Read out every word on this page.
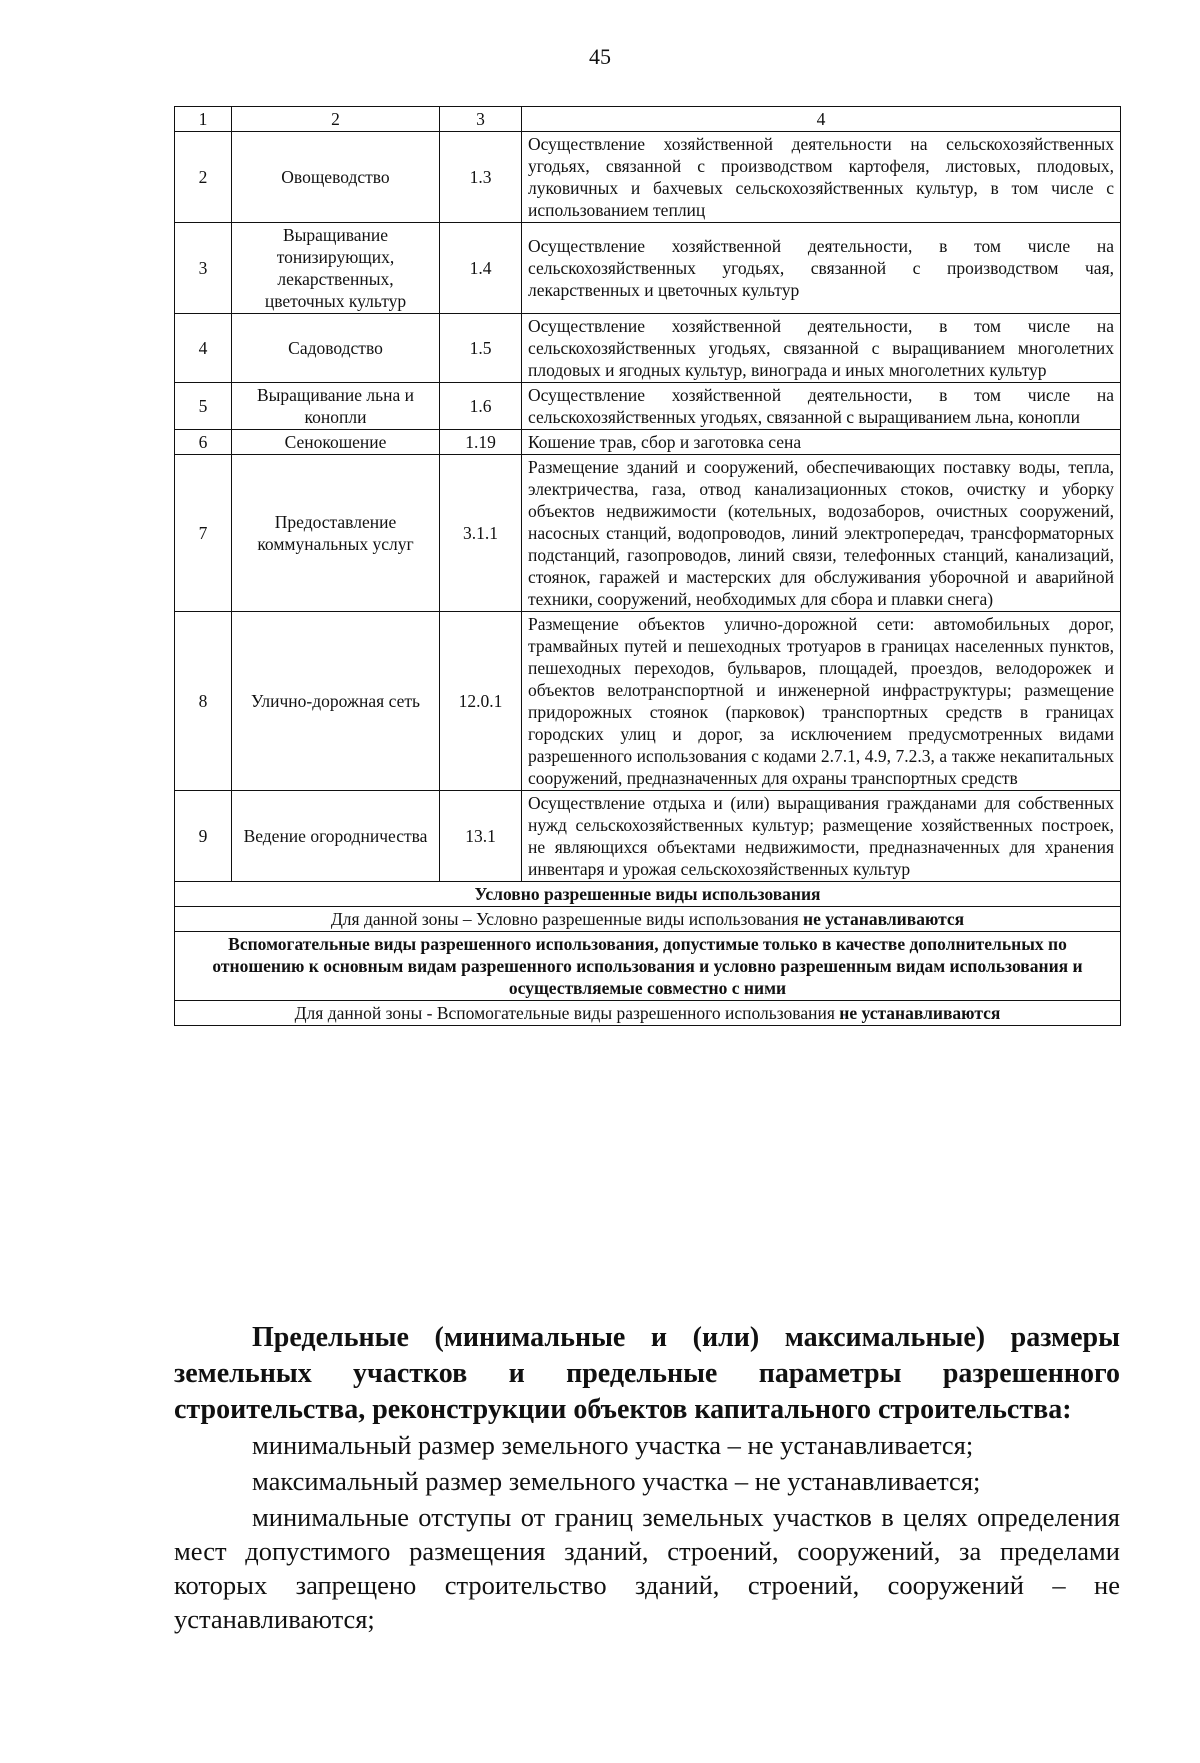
45
1	2	3	4
2	Овощеводство	1.3	Осуществление хозяйственной деятельности на сельскохозяйственных угодьях, связанной с производством картофеля, листовых, плодовых, луковичных и бахчевых сельскохозяйственных культур, в том числе с использованием теплиц
3	Выращивание тонизирующих, лекарственных, цветочных культур	1.4	Осуществление хозяйственной деятельности, в том числе на сельскохозяйственных угодьях, связанной с производством чая, лекарственных и цветочных культур
4	Садоводство	1.5	Осуществление хозяйственной деятельности, в том числе на сельскохозяйственных угодьях, связанной с выращиванием многолетних плодовых и ягодных культур, винограда и иных многолетних культур
5	Выращивание льна и конопли	1.6	Осуществление хозяйственной деятельности, в том числе на сельскохозяйственных угодьях, связанной с выращиванием льна, конопли
6	Сенокошение	1.19	Кошение трав, сбор и заготовка сена
7	Предоставление коммунальных услуг	3.1.1	Размещение зданий и сооружений, обеспечивающих поставку воды, тепла, электричества, газа, отвод канализационных стоков, очистку и уборку объектов недвижимости (котельных, водозаборов, очистных сооружений, насосных станций, водопроводов, линий электропередач, трансформаторных подстанций, газопроводов, линий связи, телефонных станций, канализаций, стоянок, гаражей и мастерских для обслуживания уборочной и аварийной техники, сооружений, необходимых для сбора и плавки снега)
8	Улично-дорожная сеть	12.0.1	Размещение объектов улично-дорожной сети: автомобильных дорог, трамвайных путей и пешеходных тротуаров в границах населенных пунктов, пешеходных переходов, бульваров, площадей, проездов, велодорожек и объектов велотранспортной и инженерной инфраструктуры; размещение придорожных стоянок (парковок) транспортных средств в границах городских улиц и дорог, за исключением предусмотренных видами разрешенного использования с кодами 2.7.1, 4.9, 7.2.3, а также некапитальных сооружений, предназначенных для охраны транспортных средств
9	Ведение огородничества	13.1	Осуществление отдыха и (или) выращивания гражданами для собственных нужд сельскохозяйственных культур; размещение хозяйственных построек, не являющихся объектами недвижимости, предназначенных для хранения инвентаря и урожая сельскохозяйственных культур
Условно разрешенные виды использования			
Для данной зоны – Условно разрешенные виды использования не устанавливаются			
Вспомогательные виды разрешенного использования, допустимые только в качестве дополнительных по отношению к основным видам разрешенного использования и условно разрешенным видам использования и осуществляемые совместно с ними			
Для данной зоны - Вспомогательные виды разрешенного использования не устанавливаются			
Предельные (минимальные и (или) максимальные) размеры земельных участков и предельные параметры разрешенного строительства, реконструкции объектов капитального строительства:
минимальный размер земельного участка – не устанавливается;
максимальный размер земельного участка – не устанавливается;
минимальные отступы от границ земельных участков в целях определения мест допустимого размещения зданий, строений, сооружений, за пределами которых запрещено строительство зданий, строений, сооружений – не устанавливаются;
